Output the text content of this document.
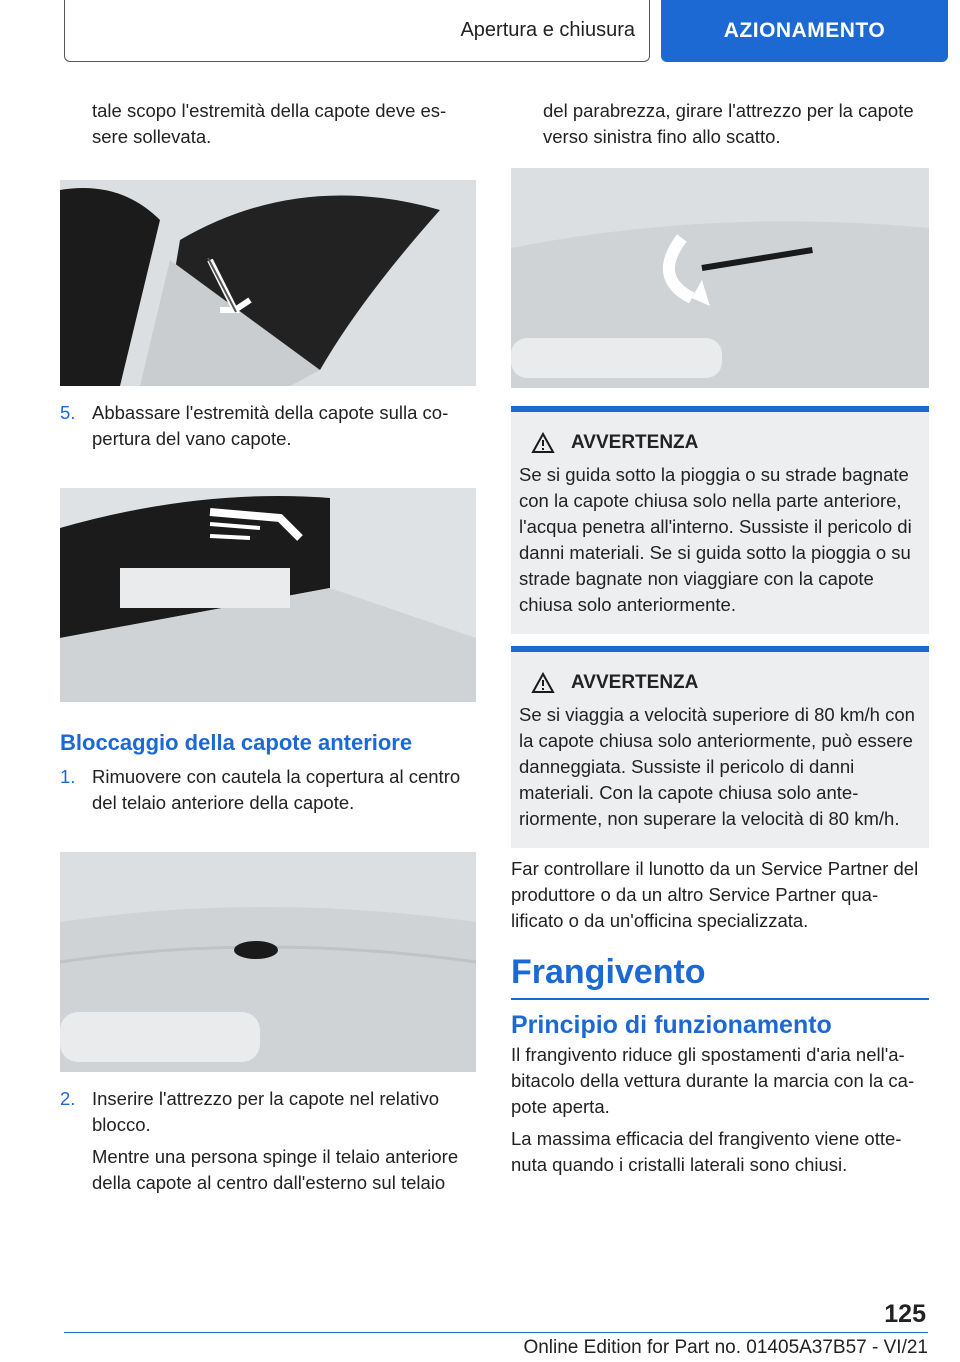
Apertura e chiusura	AZIONAMENTO

tale scopo l'estremità della capote deve es-sere sollevata.

5. Abbassare l'estremità della capote sulla co-pertura del vano capote.
Bloccaggio della capote anteriore
1. Rimuovere con cautela la copertura al centro del telaio anteriore della capote.
2. Inserire l'attrezzo per la capote nel relativo blocco.

Mentre una persona spinge il telaio anteriore della capote al centro dall'esterno sul telaio

del parabrezza, girare l'attrezzo per la capote verso sinistra fino allo scatto.

AVVERTENZA

Se si guida sotto la pioggia o su strade bagnate con la capote chiusa solo nella parte anteriore, l'acqua penetra all'interno. Sussiste il pericolo di danni materiali. Se si guida sotto la pioggia o su strade bagnate non viaggiare con la capote chiusa solo anteriormente.

AVVERTENZA

Se si viaggia a velocità superiore di 80 km/h con la capote chiusa solo anteriormente, può essere danneggiata. Sussiste il pericolo di danni materiali. Con la capote chiusa solo ante-riormente, non superare la velocità di 80 km/h.

Far controllare il lunotto da un Service Partner del produttore o da un altro Service Partner qua-lificato o da un'officina specializzata.

Frangivento
Principio di funzionamento

Il frangivento riduce gli spostamenti d'aria nell'a-bitacolo della vettura durante la marcia con la ca-pote aperta.

La massima efficacia del frangivento viene otte-nuta quando i cristalli laterali sono chiusi.

125
Online Edition for Part no. 01405A37B57 - VI/21
